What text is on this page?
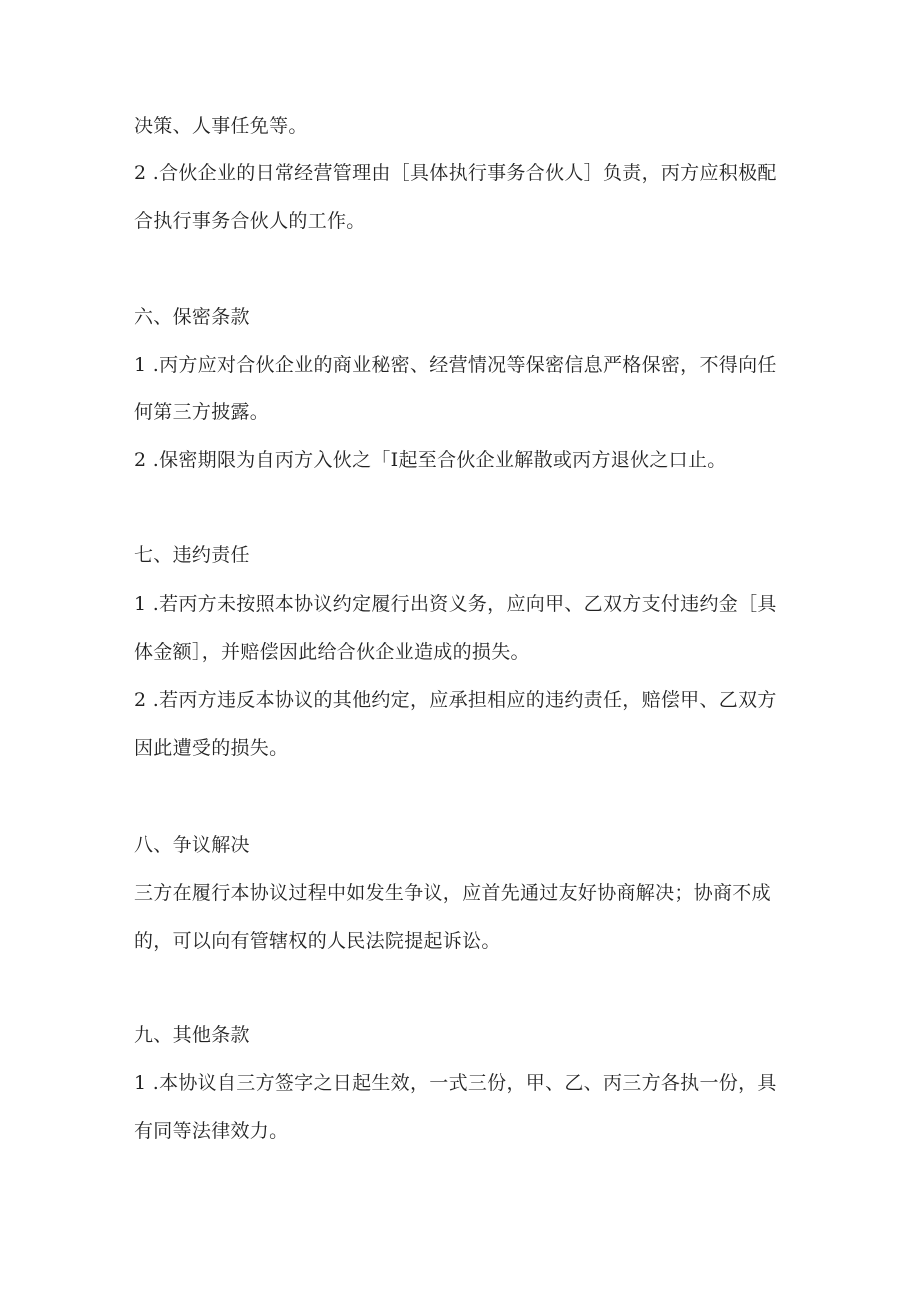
决策、人事任免等。
2 .合伙企业的日常经营管理由［具体执行事务合伙人］负责，丙方应积极配
合执行事务合伙人的工作。
六、保密条款
1 .丙方应对合伙企业的商业秘密、经营情况等保密信息严格保密，不得向任
何第三方披露。
2 .保密期限为自丙方入伙之「I起至合伙企业解散或丙方退伙之口止。
七、违约责任
1 .若丙方未按照本协议约定履行出资义务，应向甲、乙双方支付违约金［具
体金额］，并赔偿因此给合伙企业造成的损失。
2 .若丙方违反本协议的其他约定，应承担相应的违约责任，赔偿甲、乙双方
因此遭受的损失。
八、争议解决
三方在履行本协议过程中如发生争议，应首先通过友好协商解决；协商不成
的，可以向有管辖权的人民法院提起诉讼。
九、其他条款
1 .本协议自三方签字之日起生效，一式三份，甲、乙、丙三方各执一份，具
有同等法律效力。
